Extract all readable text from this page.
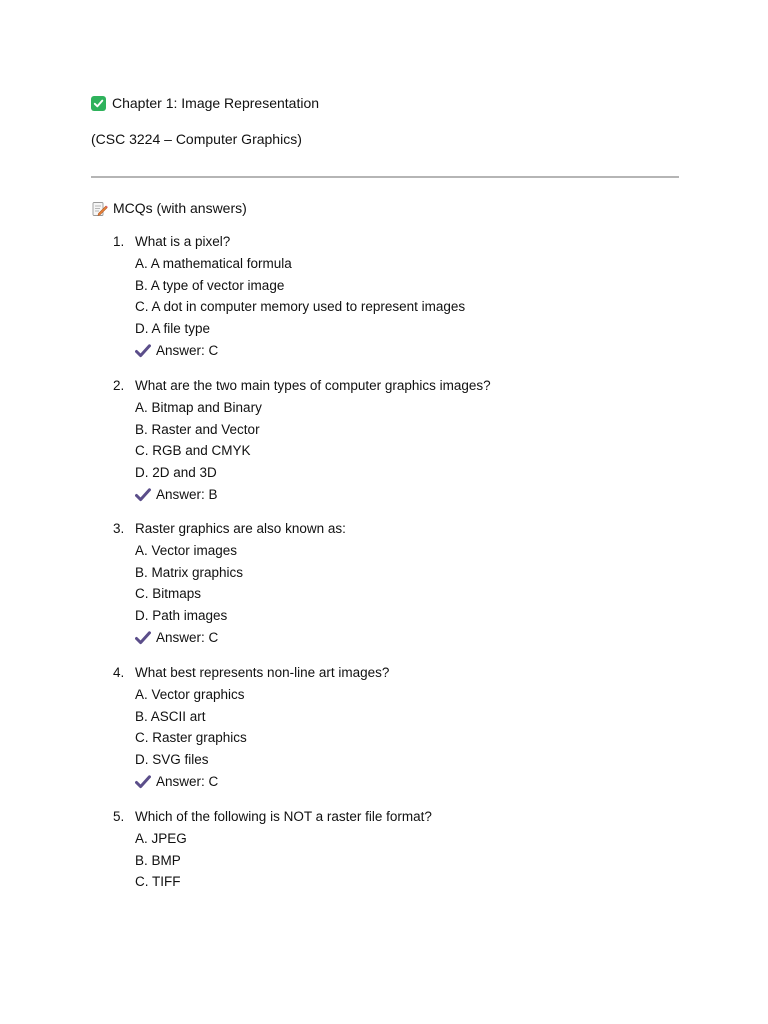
Chapter 1: Image Representation
(CSC 3224 – Computer Graphics)
MCQs (with answers)
1. What is a pixel?
A. A mathematical formula
B. A type of vector image
C. A dot in computer memory used to represent images
D. A file type
Answer: C
2. What are the two main types of computer graphics images?
A. Bitmap and Binary
B. Raster and Vector
C. RGB and CMYK
D. 2D and 3D
Answer: B
3. Raster graphics are also known as:
A. Vector images
B. Matrix graphics
C. Bitmaps
D. Path images
Answer: C
4. What best represents non-line art images?
A. Vector graphics
B. ASCII art
C. Raster graphics
D. SVG files
Answer: C
5. Which of the following is NOT a raster file format?
A. JPEG
B. BMP
C. TIFF
